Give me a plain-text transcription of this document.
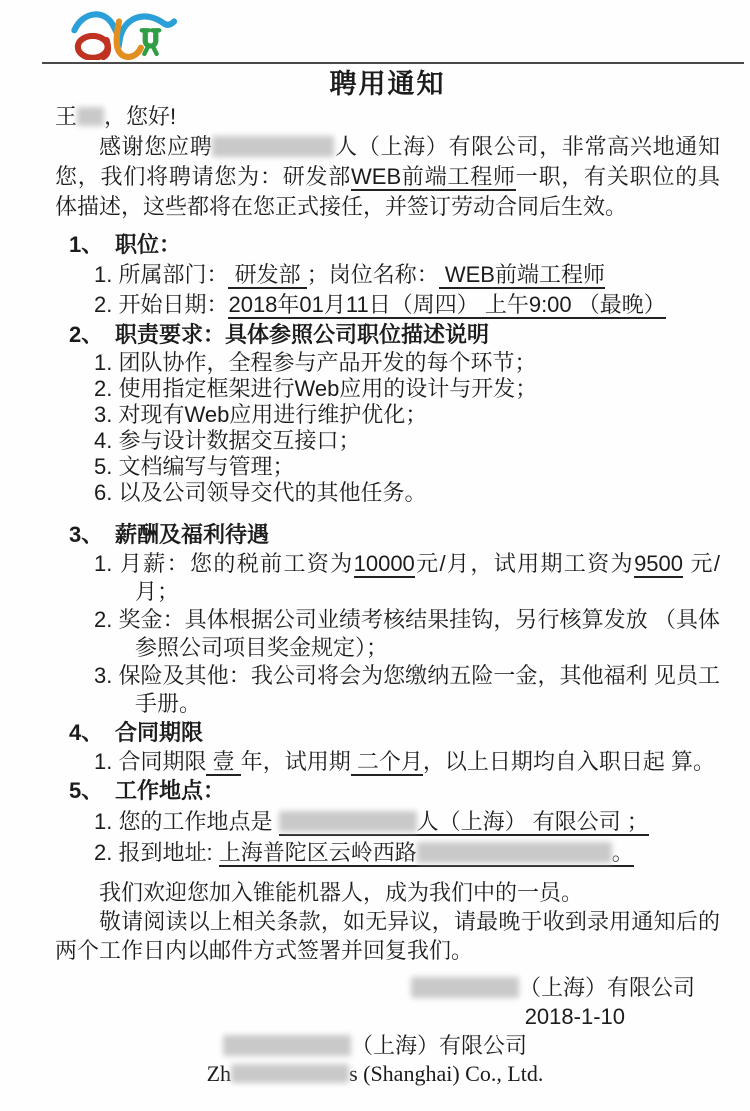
聘用通知
王 ，您好!

感谢您应聘	人（上海）有限公司，非常高兴地通知您，我们将聘请您为：研发部WEB前端工程师一职，有关职位的具体描述，这些都将在您正式接任，并签订劳动合同后生效。

1、 职位：
1. 所属部门： 研发部 ；岗位名称： WEB前端工程师
2. 开始日期：2018年01月11日（周四） 上午9:00 （最晚）
2、 职责要求：具体参照公司职位描述说明
1. 团队协作，全程参与产品开发的每个环节；
2. 使用指定框架进行Web应用的设计与开发；
3. 对现有Web应用进行维护优化；
4. 参与设计数据交互接口；
5. 文档编写与管理；
6. 以及公司领导交代的其他任务。
3、 薪酬及福利待遇
1. 月薪：您的税前工资为10000元/月，试用期工资为9500 元/月；
2. 奖金：具体根据公司业绩考核结果挂钩，另行核算发放 （具体参照公司项目奖金规定）；
3. 保险及其他：我公司将会为您缴纳五险一金，其他福利 见员工手册。
4、 合同期限
1. 合同期限 壹 年，试用期 二个月，以上日期均自入职日起 算。
5、 工作地点：
1. 您的工作地点是	人（上海） 有限公司 ；
2. 报到地址: 上海普陀区云岭西路	。

我们欢迎您加入锥能机器人，成为我们中的一员。

敬请阅读以上相关条款，如无异议，请最晚于收到录用通知后的两个工作日内以邮件方式签署并回复我们。

（上海）有限公司
2018-1-10
（上海）有限公司
Zh	s (Shanghai) Co., Ltd.
